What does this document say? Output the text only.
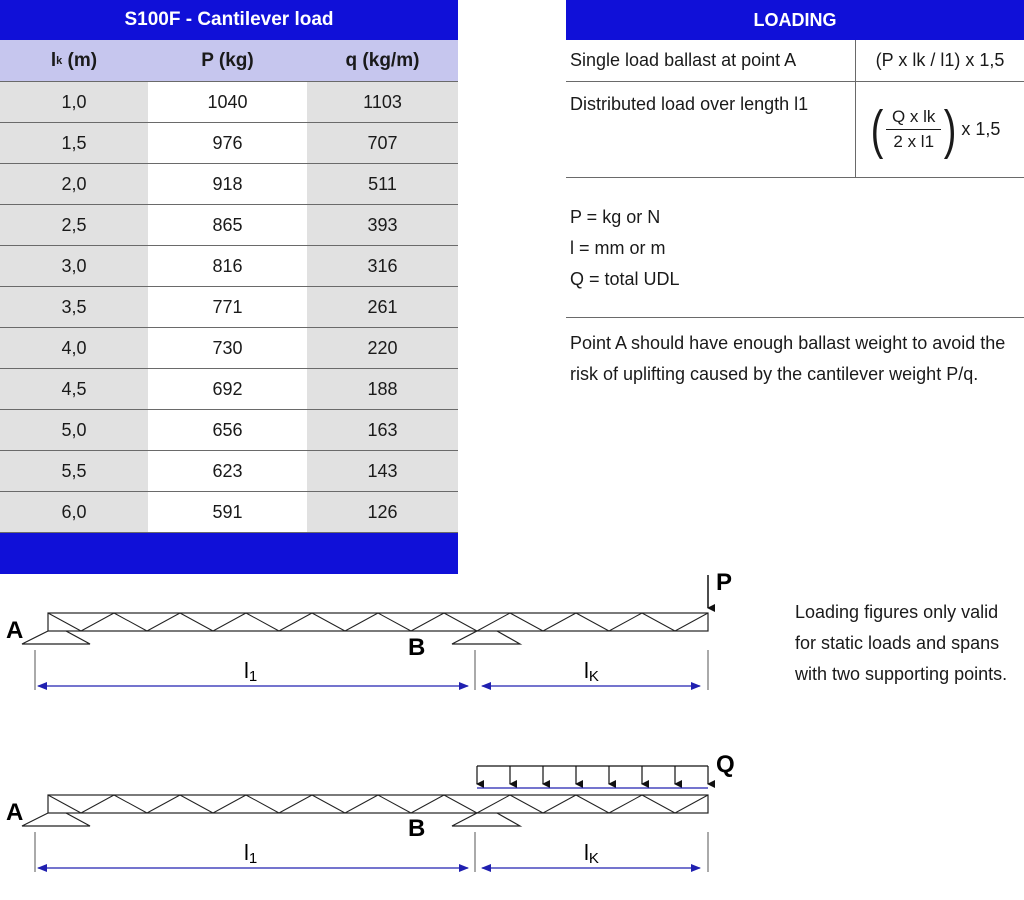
S100F - Cantilever load
l k (m)	P (kg)	q (kg/m)
1,0	1040	1103
1,5	976	707
2,0	918	511
2,5	865	393
3,0	816	316
3,5	771	261
4,0	730	220
4,5	692	188
5,0	656	163
5,5	623	143
6,0	591	126
LOADING
Single load ballast at point A	(P x lk / l1) x 1,5
Distributed load over length l1	( $\frac{\text{Q x lk}}{\text{2 x l1}}$ ) x 1,5
P = kg or N
l = mm or m
Q = total UDL
Point A should have enough ballast weight to avoid the
risk of uplifting caused by the cantilever weight P/q.
Loading figures only valid
for static loads and spans
with two supporting points.
P
A
B
l1	lK
Q
A
B
l1	lK
